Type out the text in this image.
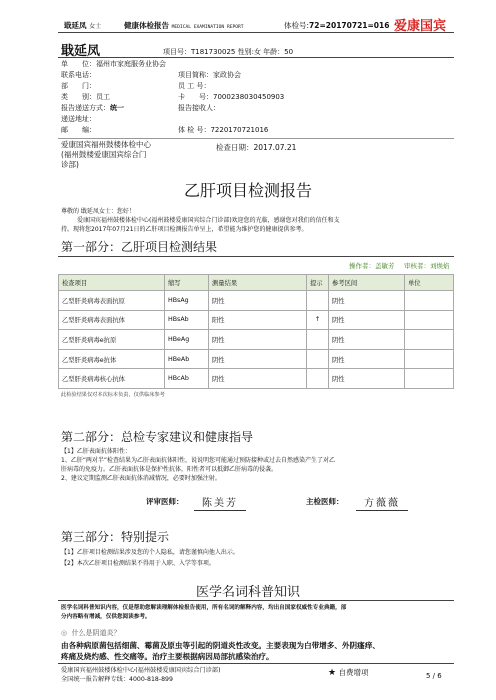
戢延凤 女士	健康体检报告 MEDICAL EXAMINATION REPORT	体检号:72=20170721=016 爱康国宾
戢延凤	项目号：T181730025 性别:女 年龄：50
单　　位：福州市家庭服务业协会
联系电话：	项目简称：家政协会
部　　门：	员 工 号：
类　　别：员工	卡　　号：7000238030450903
报告递送方式：统一	报告接收人：
递送地址：
邮　　编：	体 检 号：7220170721016
爱康国宾福州鼓楼体检中心
(福州鼓楼爱康国宾综合门
诊部)
检查日期：2017.07.21
乙肝项目检测报告
尊敬的 戢延凤女士：您好！
爱康国宾福州鼓楼体检中心(福州鼓楼爱康国宾综合门诊部)欢迎您的光临，感谢您对我们的信任和支
持。现将您2017年07月21日的乙肝项目检测报告单呈上，希望能为维护您的健康提供参考。
第一部分：乙肝项目检测结果
操作者：盖敏芳 审核者：刘焕焰
检查项目	缩写	测量结果	提示	参考区间	单位
乙型肝炎病毒表面抗原	HBsAg	阴性		阴性	
乙型肝炎病毒表面抗体	HBsAb	阳性	↑	阴性	
乙型肝炎病毒e抗原	HBeAg	阴性		阴性	
乙型肝炎病毒e抗体	HBeAb	阴性		阴性	
乙型肝炎病毒核心抗体	HBcAb	阴性		阴性	
此检验结果仅对本次标本负责，仅供临床参考
第二部分：总检专家建议和健康指导
【1】乙肝表面抗体阳性：
1、乙肝“两对半”检查结果为乙肝表面抗体阳性，说说明您可能通过预防接种或过去自然感染产生了对乙
肝病毒的免疫力。乙肝表面抗体是保护性抗体，阳性者可以抵御乙肝病毒的侵袭。
2、建议定期监测乙肝表面抗体消减情况，必要时加强注射。
评审医师：	陈美芳	主检医师：	方薇薇
第三部分：特别提示
【1】乙肝项目检测结果涉及您的个人隐私，请您谨慎向他人出示。
【2】本次乙肝项目检测结果不得用于入职、入学等事项。
医学名词科普知识
医学名词科普知识内容，仅是帮助您解读理解体检报告使用，所有名词的解释内容，均出自国家权威性专业典籍，部
分内容略有增减，仅供您阅读参考。
◎ 什么是阴道炎？
由各种病原菌包括细菌、霉菌及原虫等引起的阴道炎性改变。主要表现为白带增多、外阴瘙痒、
疼痛及烧灼感、性交痛等。治疗主要根据病因局部抗感染治疗。
爱康国宾福州鼓楼体检中心(福州鼓楼爱康国宾综合门诊部)
全国统一报告解释专线：4000-818-899
★ 自费增项	5 / 6
